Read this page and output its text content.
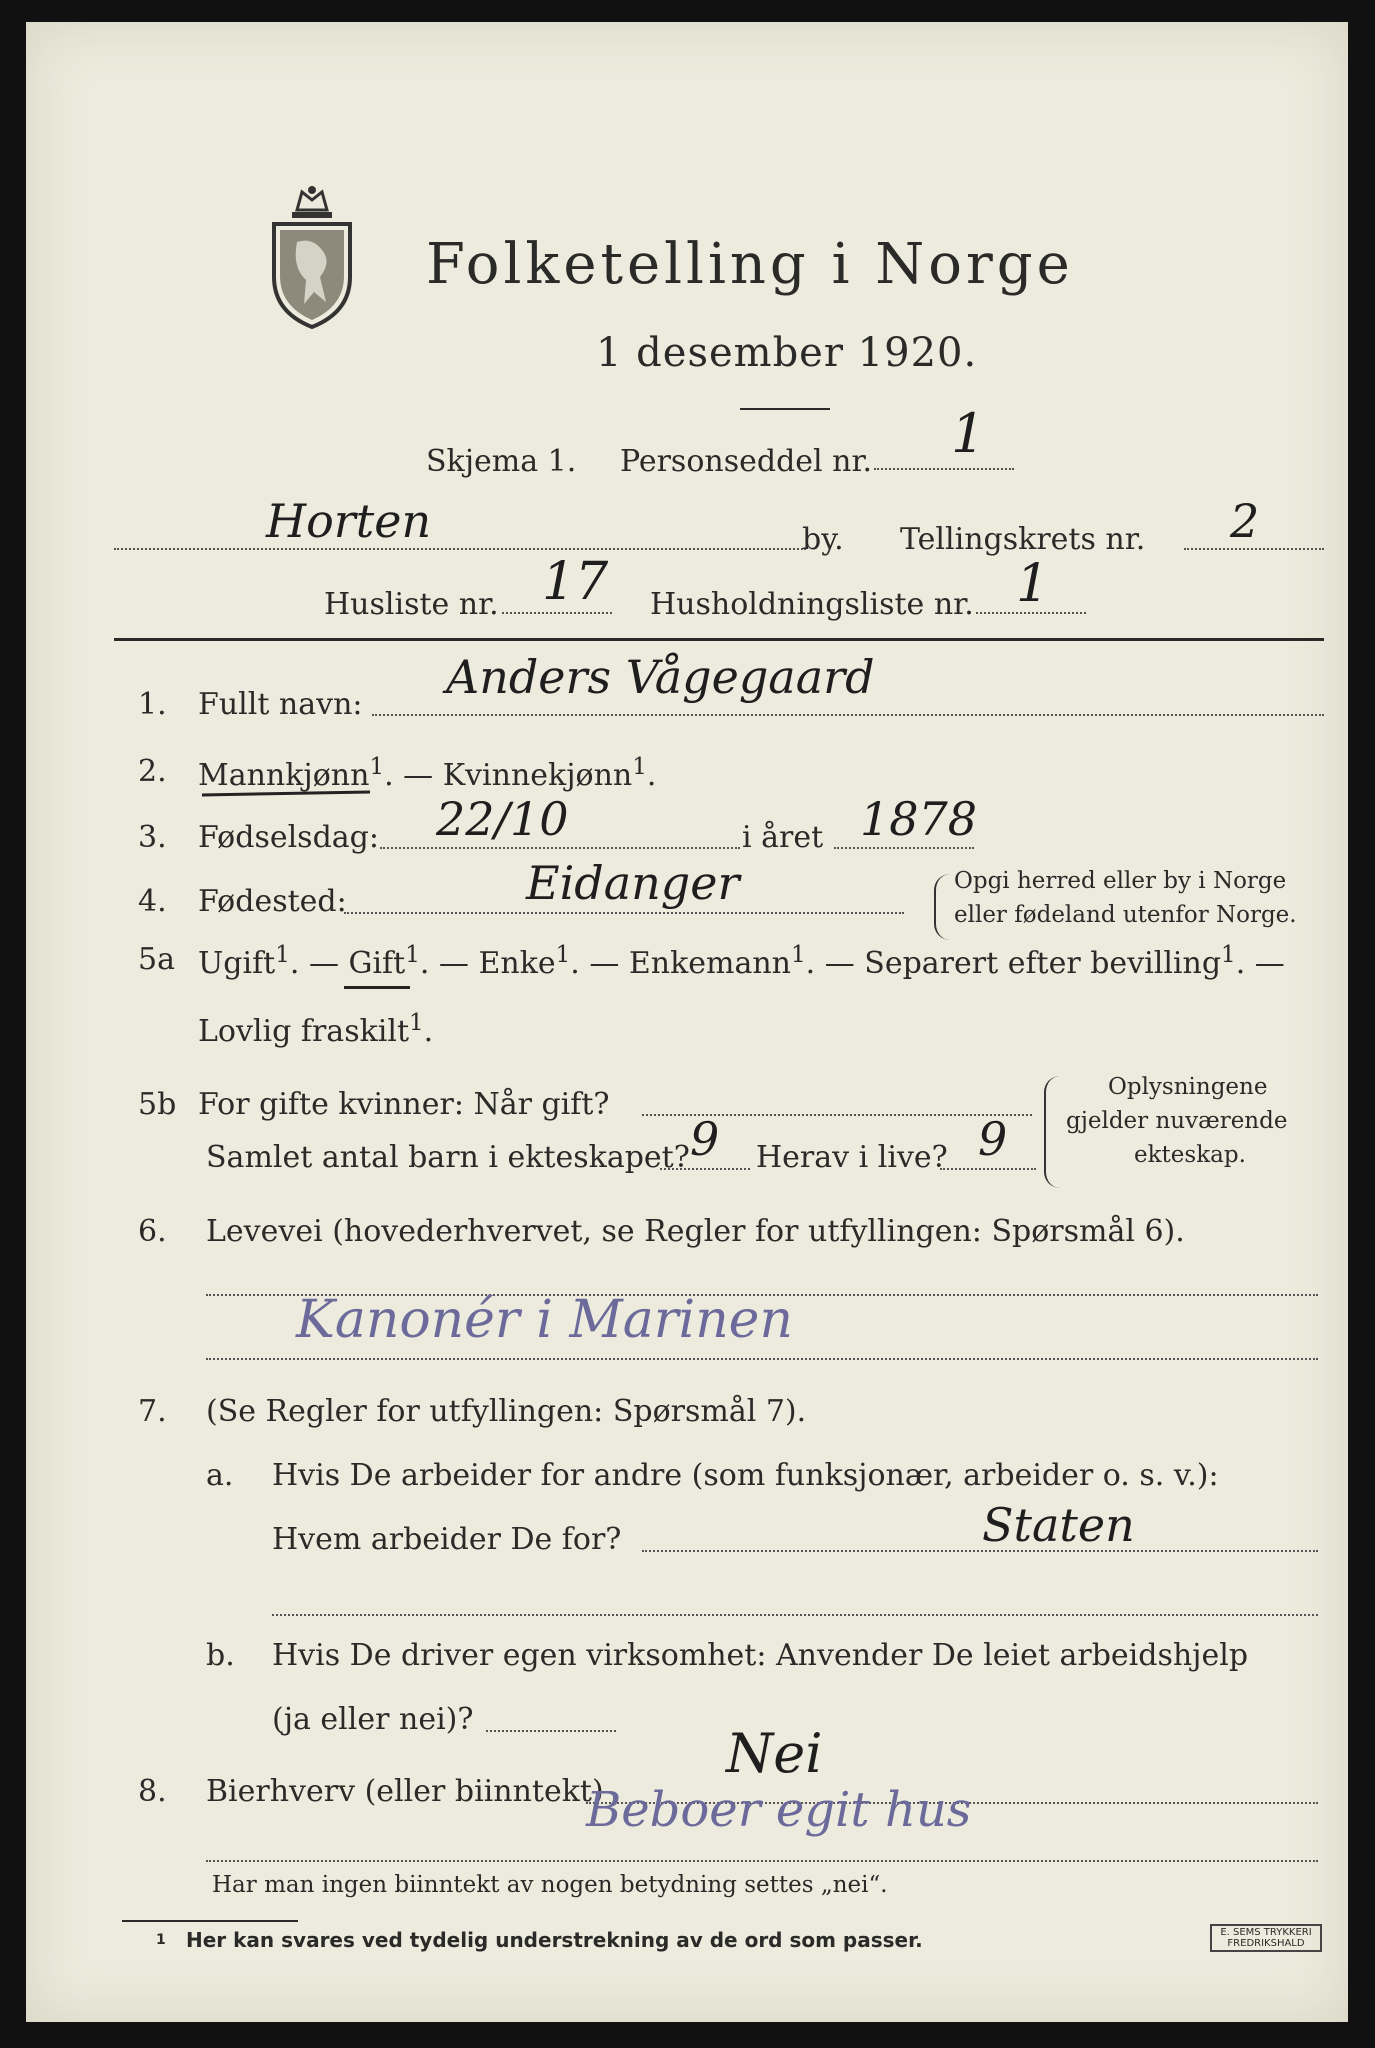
Folketelling i Norge
1 desember 1920.
Skjema 1. Personseddel nr. 1
Horten	by. Tellingskrets nr. 2
Husliste nr. 17 Husholdningsliste nr. 1
1. Fullt navn:
Anders Vågegaard
2. Mannkjønn$^1$. — Kvinnekjønn$^1$.
3. Fødselsdag: 22/10	i året 1878
4. Fødested:	Eidanger	Opgi herred eller by i Norge
eller fødeland utenfor Norge.
5a Ugift$^1$. — Gift$^1$. — Enke$^1$. — Enkemann$^1$. — Separert efter bevilling$^1$. —
Lovlig fraskilt$^1$.
5b For gifte kvinner: Når gift?
Samlet antal barn i ekteskapet? 9 Herav i live? 9
Oplysningene
gjelder nuværende
ekteskap.
6. Levevei (hovederhvervet, se Regler for utfyllingen: Spørsmål 6).
Kanonér i Marinen
7. (Se Regler for utfyllingen: Spørsmål 7).
a. Hvis De arbeider for andre (som funksjonær, arbeider o. s. v.):
Hvem arbeider De for?	Staten
b. Hvis De driver egen virksomhet: Anvender De leiet arbeidshjelp
(ja eller nei)?
8. Bierhverv (eller biinntekt)
Nei
Beboer egit hus
Har man ingen biinntekt av nogen betydning settes „nei“.
1 Her kan svares ved tydelig understrekning av de ord som passer.	E. SEMS TRYKKERI
FREDRIKSHALD
